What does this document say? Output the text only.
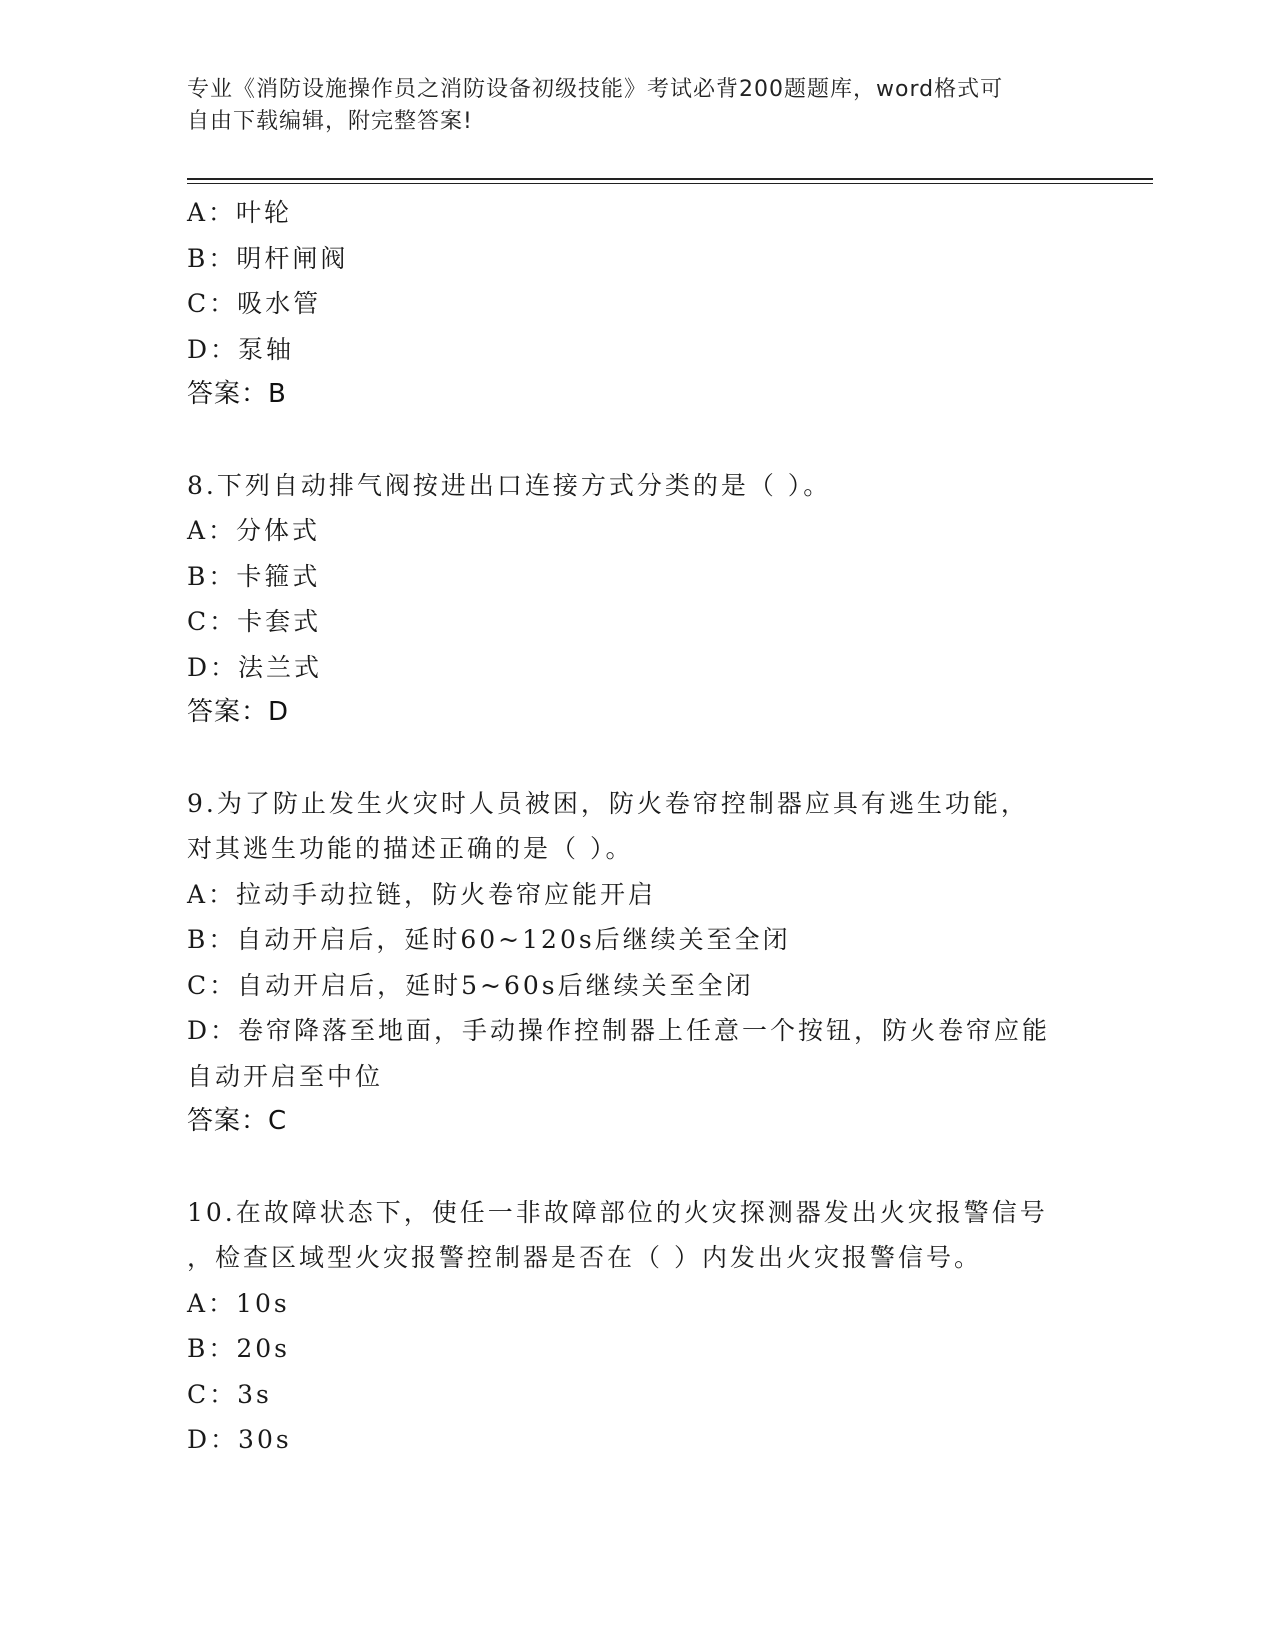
专业《消防设施操作员之消防设备初级技能》考试必背200题题库，word格式可
自由下载编辑，附完整答案!
A：叶轮
B：明杆闸阀
C：吸水管
D：泵轴
答案：B
8.下列自动排气阀按进出口连接方式分类的是（ ）。
A：分体式
B：卡箍式
C：卡套式
D：法兰式
答案：D
9.为了防止发生火灾时人员被困，防火卷帘控制器应具有逃生功能，
对其逃生功能的描述正确的是（ ）。
A：拉动手动拉链，防火卷帘应能开启
B：自动开启后，延时60~120s后继续关至全闭
C：自动开启后，延时5~60s后继续关至全闭
D：卷帘降落至地面，手动操作控制器上任意一个按钮，防火卷帘应能
自动开启至中位
答案：C
10.在故障状态下，使任一非故障部位的火灾探测器发出火灾报警信号
，检查区域型火灾报警控制器是否在（ ）内发出火灾报警信号。
A：10s
B：20s
C：3s
D：30s
